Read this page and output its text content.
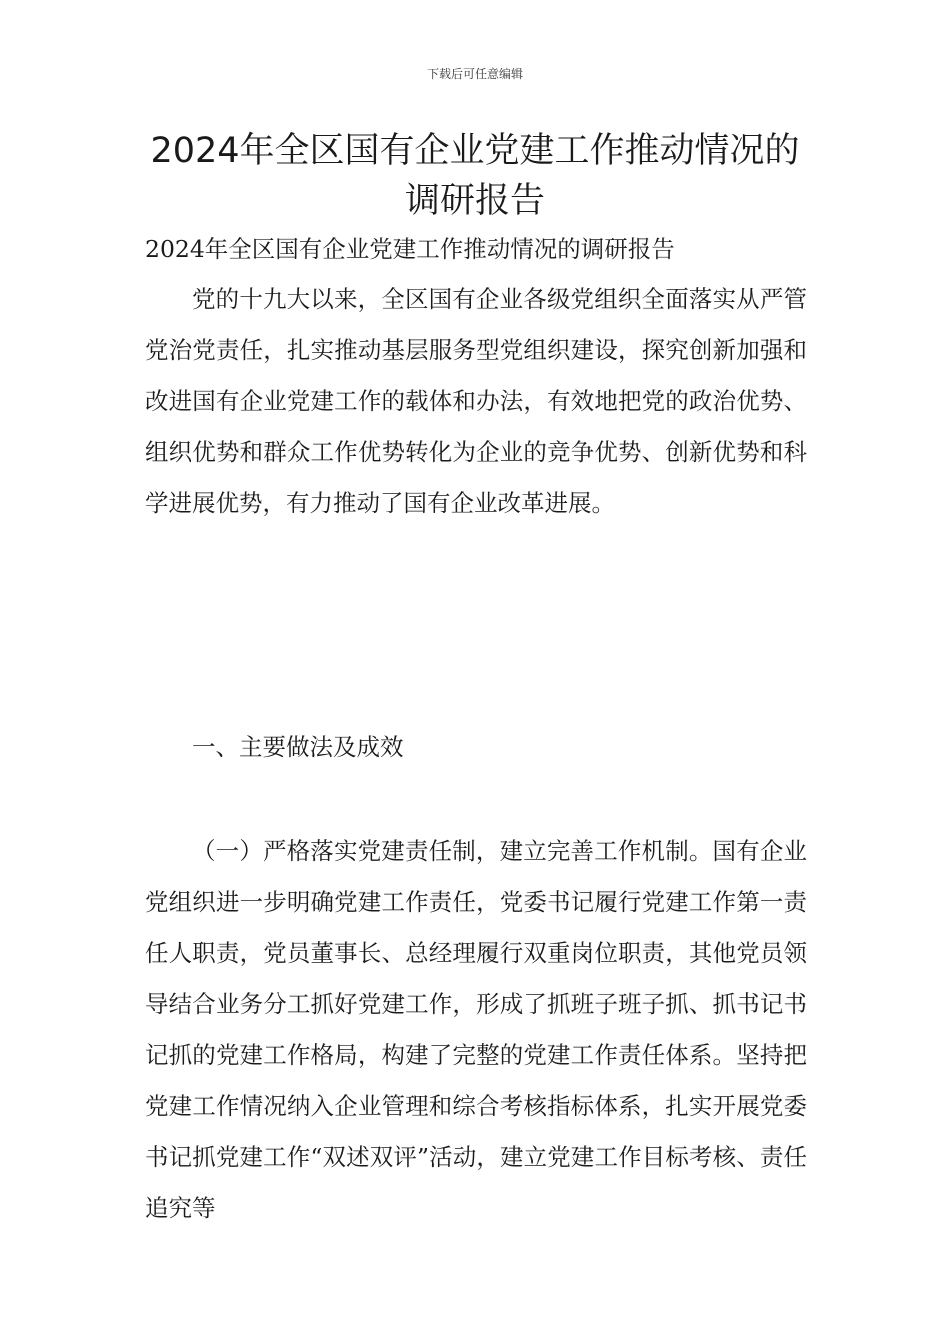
下载后可任意编辑
2024年全区国有企业党建工作推动情况的调研报告

2024年全区国有企业党建工作推动情况的调研报告

党的十九大以来，全区国有企业各级党组织全面落实从严管党治党责任，扎实推动基层服务型党组织建设，探究创新加强和改进国有企业党建工作的载体和办法，有效地把党的政治优势、组织优势和群众工作优势转化为企业的竞争优势、创新优势和科学进展优势，有力推动了国有企业改革进展。

一、主要做法及成效

（一）严格落实党建责任制，建立完善工作机制。国有企业党组织进一步明确党建工作责任，党委书记履行党建工作第一责任人职责，党员董事长、总经理履行双重岗位职责，其他党员领导结合业务分工抓好党建工作，形成了抓班子班子抓、抓书记书记抓的党建工作格局，构建了完整的党建工作责任体系。坚持把党建工作情况纳入企业管理和综合考核指标体系，扎实开展党委书记抓党建工作“双述双评”活动，建立党建工作目标考核、责任追究等
